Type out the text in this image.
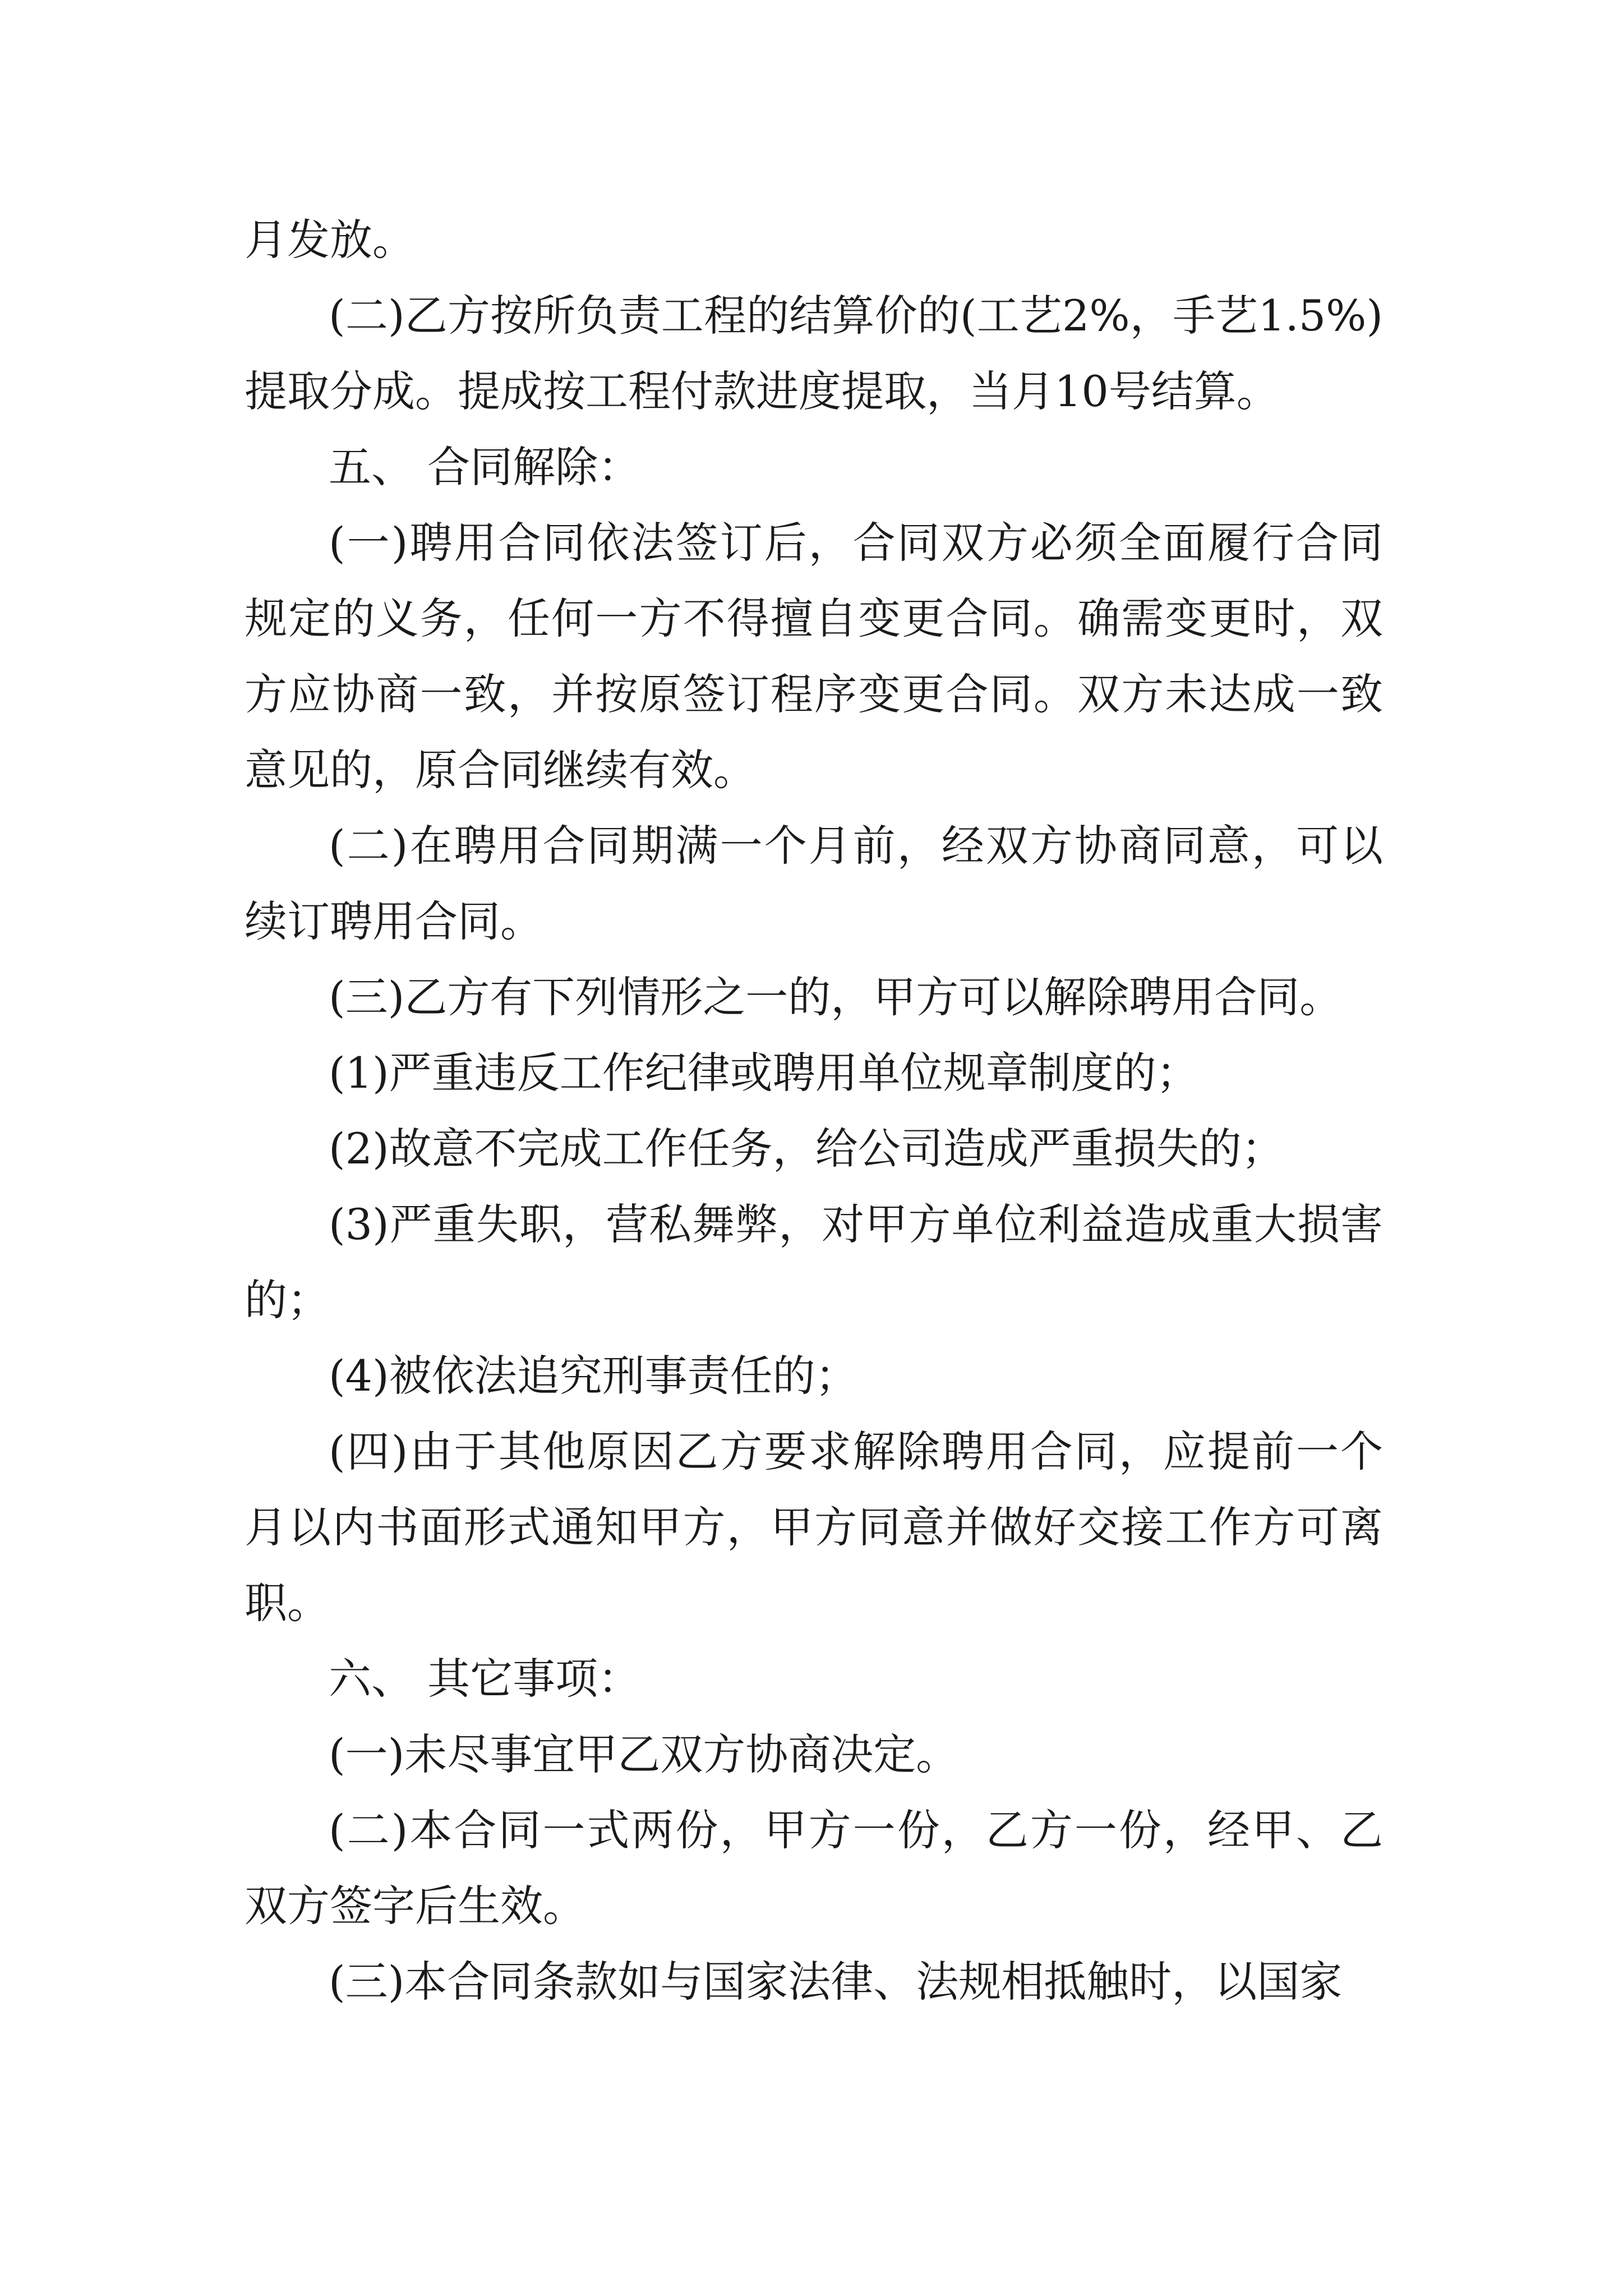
月发放。

(二)乙方按所负责工程的结算价的(工艺2%，手艺1.5%)提取分成。提成按工程付款进度提取，当月10号结算。

五、 合同解除：

(一)聘用合同依法签订后，合同双方必须全面履行合同规定的义务，任何一方不得擅自变更合同。确需变更时，双方应协商一致，并按原签订程序变更合同。双方未达成一致意见的，原合同继续有效。

(二)在聘用合同期满一个月前，经双方协商同意，可以续订聘用合同。

(三)乙方有下列情形之一的，甲方可以解除聘用合同。

(1)严重违反工作纪律或聘用单位规章制度的；

(2)故意不完成工作任务，给公司造成严重损失的；

(3)严重失职，营私舞弊，对甲方单位利益造成重大损害的；

(4)被依法追究刑事责任的；

(四)由于其他原因乙方要求解除聘用合同，应提前一个月以内书面形式通知甲方，甲方同意并做好交接工作方可离职。

六、 其它事项：

(一)未尽事宜甲乙双方协商决定。

(二)本合同一式两份，甲方一份，乙方一份，经甲、乙双方签字后生效。

(三)本合同条款如与国家法律、法规相抵触时，以国家
